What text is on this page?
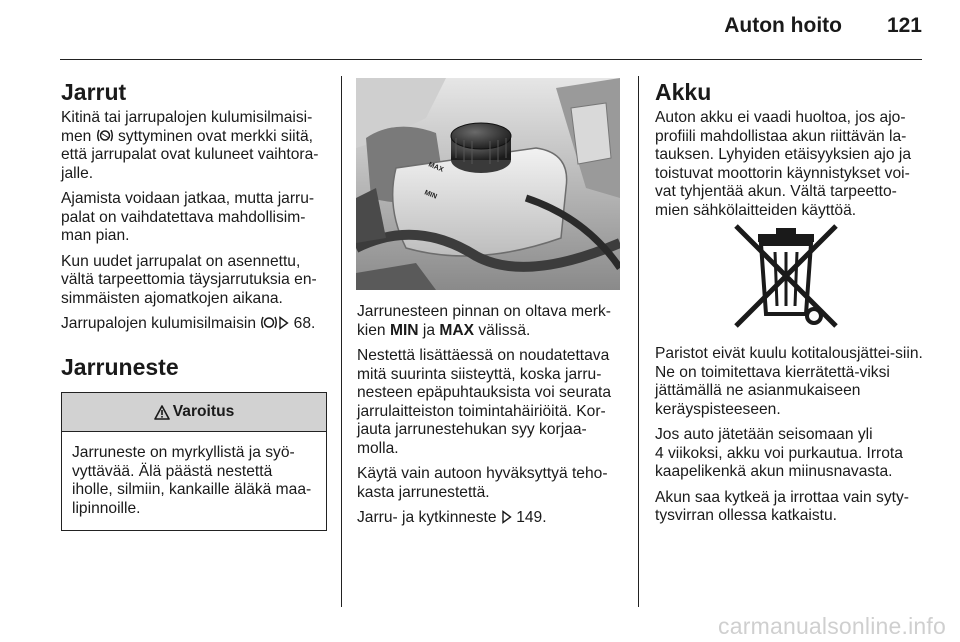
Auton hoito 121
Jarrut

Kitinä tai jarrupalojen kulumisilmaisi-
men  syttyminen ovat merkki siitä,
että jarrupalat ovat kuluneet vaihtora-
jalle.

Ajamista voidaan jatkaa, mutta jarru-palat on vaihdatettava mahdollisim-man pian.

Kun uudet jarrupalat on asennettu, vältä tarpeettomia täysjarrutuksia en-simmäisten ajomatkojen aikana.

Jarrupalojen kulumisilmaisin  68.

Jarruneste
Varoitus
Jarruneste on myrkyllistä ja syö-vyttävää. Älä päästä nestettä iholle, silmiin, kankaille äläkä maa-lipinnoille.
MAX
MIN

Jarrunesteen pinnan on oltava merk-kien MIN ja MAX välissä.

Nestettä lisättäessä on noudatettava mitä suurinta siisteyttä, koska jarru-nesteen epäpuhtauksista voi seurata jarrulaitteiston toimintahäiriöitä. Kor-jauta jarrunestehukan syy korjaa-molla.

Käytä vain autoon hyväksyttyä teho-kasta jarrunestettä.

Jarru- ja kytkinneste  149.

Akku

Auton akku ei vaadi huoltoa, jos ajo-profiili mahdollistaa akun riittävän la-tauksen. Lyhyiden etäisyyksien ajo ja toistuvat moottorin käynnistykset voi-vat tyhjentää akun. Vältä tarpeetto-mien sähkölaitteiden käyttöä.

Paristot eivät kuulu kotitalousjättei-siin. Ne on toimitettava kierrätettä-viksi jättämällä ne asianmukaiseen keräyspisteeseen.

Jos auto jätetään seisomaan yli
4 viikoksi, akku voi purkautua. Irrota kaapelikenkä akun miinusnavasta.

Akun saa kytkeä ja irrottaa vain syty-tysvirran ollessa katkaistu.

carmanualsonline.info
